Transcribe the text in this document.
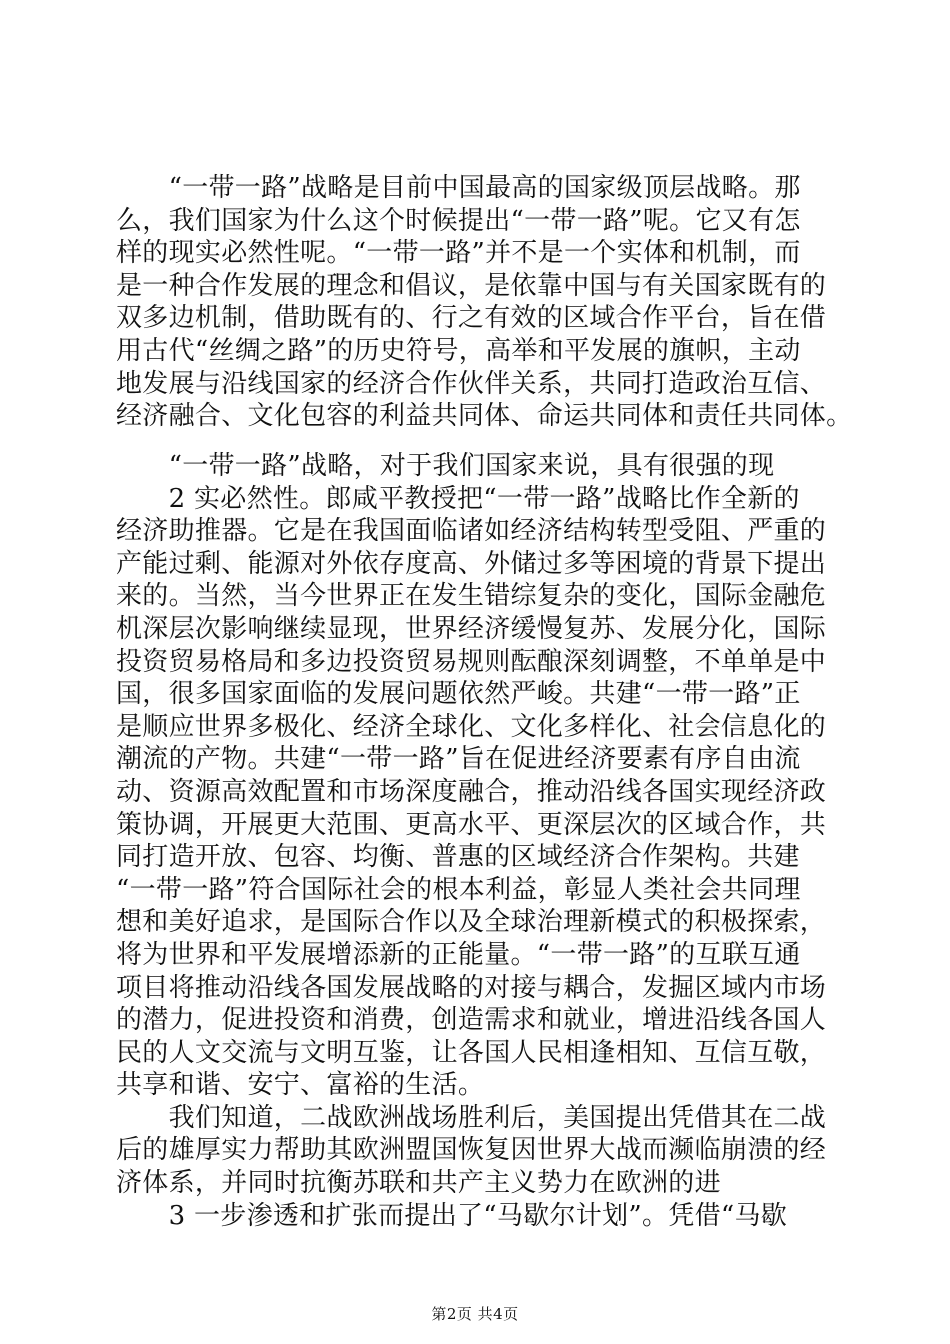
　　“一带一路”战略是目前中国最高的国家级顶层战略。那
么，我们国家为什么这个时候提出“一带一路”呢。它又有怎
样的现实必然性呢。“一带一路”并不是一个实体和机制，而
是一种合作发展的理念和倡议，是依靠中国与有关国家既有的
双多边机制，借助既有的、行之有效的区域合作平台，旨在借
用古代“丝绸之路”的历史符号，高举和平发展的旗帜，主动
地发展与沿线国家的经济合作伙伴关系，共同打造政治互信、
经济融合、文化包容的利益共同体、命运共同体和责任共同体。
　　“一带一路”战略，对于我们国家来说，具有很强的现
　　2 实必然性。郎咸平教授把“一带一路”战略比作全新的
经济助推器。它是在我国面临诸如经济结构转型受阻、严重的
产能过剩、能源对外依存度高、外储过多等困境的背景下提出
来的。当然，当今世界正在发生错综复杂的变化，国际金融危
机深层次影响继续显现，世界经济缓慢复苏、发展分化，国际
投资贸易格局和多边投资贸易规则酝酿深刻调整，不单单是中
国，很多国家面临的发展问题依然严峻。共建“一带一路”正
是顺应世界多极化、经济全球化、文化多样化、社会信息化的
潮流的产物。共建“一带一路”旨在促进经济要素有序自由流
动、资源高效配置和市场深度融合，推动沿线各国实现经济政
策协调，开展更大范围、更高水平、更深层次的区域合作，共
同打造开放、包容、均衡、普惠的区域经济合作架构。共建
“一带一路”符合国际社会的根本利益，彰显人类社会共同理
想和美好追求，是国际合作以及全球治理新模式的积极探索，
将为世界和平发展增添新的正能量。“一带一路”的互联互通
项目将推动沿线各国发展战略的对接与耦合，发掘区域内市场
的潜力，促进投资和消费，创造需求和就业，增进沿线各国人
民的人文交流与文明互鉴，让各国人民相逢相知、互信互敬，
共享和谐、安宁、富裕的生活。
　　我们知道，二战欧洲战场胜利后，美国提出凭借其在二战
后的雄厚实力帮助其欧洲盟国恢复因世界大战而濒临崩溃的经
济体系，并同时抗衡苏联和共产主义势力在欧洲的进
　　3 一步渗透和扩张而提出了“马歇尔计划”。凭借“马歇
第2页 共4页
